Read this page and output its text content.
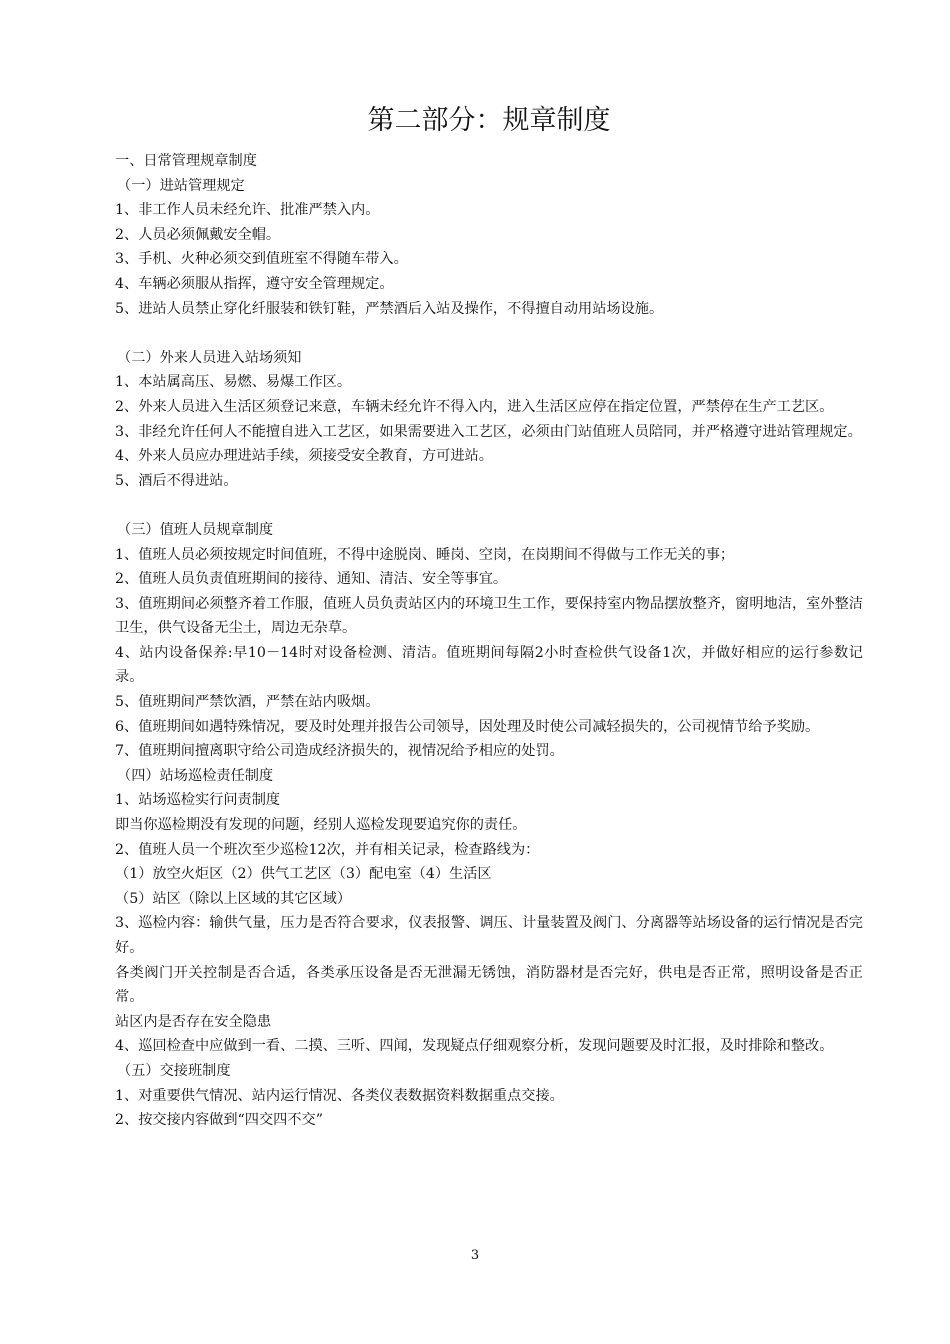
第二部分：规章制度

一、日常管理规章制度

（一）进站管理规定

1、非工作人员未经允许、批准严禁入内。

2、人员必须佩戴安全帽。

3、手机、火种必须交到值班室不得随车带入。

4、车辆必须服从指挥，遵守安全管理规定。

5、进站人员禁止穿化纤服装和铁钉鞋，严禁酒后入站及操作，不得擅自动用站场设施。

（二）外来人员进入站场须知

1、本站属高压、易燃、易爆工作区。

2、外来人员进入生活区须登记来意，车辆未经允许不得入内，进入生活区应停在指定位置，严禁停在生产工艺区。

3、非经允许任何人不能擅自进入工艺区，如果需要进入工艺区，必须由门站值班人员陪同，并严格遵守进站管理规定。

4、外来人员应办理进站手续，须接受安全教育，方可进站。

5、酒后不得进站。

（三）值班人员规章制度

1、值班人员必须按规定时间值班，不得中途脱岗、睡岗、空岗，在岗期间不得做与工作无关的事；

2、值班人员负责值班期间的接待、通知、清洁、安全等事宜。

3、值班期间必须整齐着工作服，值班人员负责站区内的环境卫生工作，要保持室内物品摆放整齐，窗明地洁，室外整洁卫生，供气设备无尘土，周边无杂草。

4、站内设备保养:早10－14时对设备检测、清洁。值班期间每隔2小时查检供气设备1次，并做好相应的运行参数记录。

5、值班期间严禁饮酒，严禁在站内吸烟。

6、值班期间如遇特殊情况，要及时处理并报告公司领导，因处理及时使公司减轻损失的，公司视情节给予奖励。

7、值班期间擅离职守给公司造成经济损失的，视情况给予相应的处罚。

（四）站场巡检责任制度

1、站场巡检实行问责制度

即当你巡检期没有发现的问题，经别人巡检发现要追究你的责任。

2、值班人员一个班次至少巡检12次，并有相关记录，检查路线为：

（1）放空火炬区（2）供气工艺区（3）配电室（4）生活区

（5）站区（除以上区域的其它区域）

3、巡检内容：输供气量，压力是否符合要求，仪表报警、调压、计量装置及阀门、分离器等站场设备的运行情况是否完好。

各类阀门开关控制是否合适，各类承压设备是否无泄漏无锈蚀，消防器材是否完好，供电是否正常，照明设备是否正常。

站区内是否存在安全隐患

4、巡回检查中应做到一看、二摸、三听、四闻，发现疑点仔细观察分析，发现问题要及时汇报，及时排除和整改。

（五）交接班制度

1、对重要供气情况、站内运行情况、各类仪表数据资料数据重点交接。

2、按交接内容做到“四交四不交”

3
